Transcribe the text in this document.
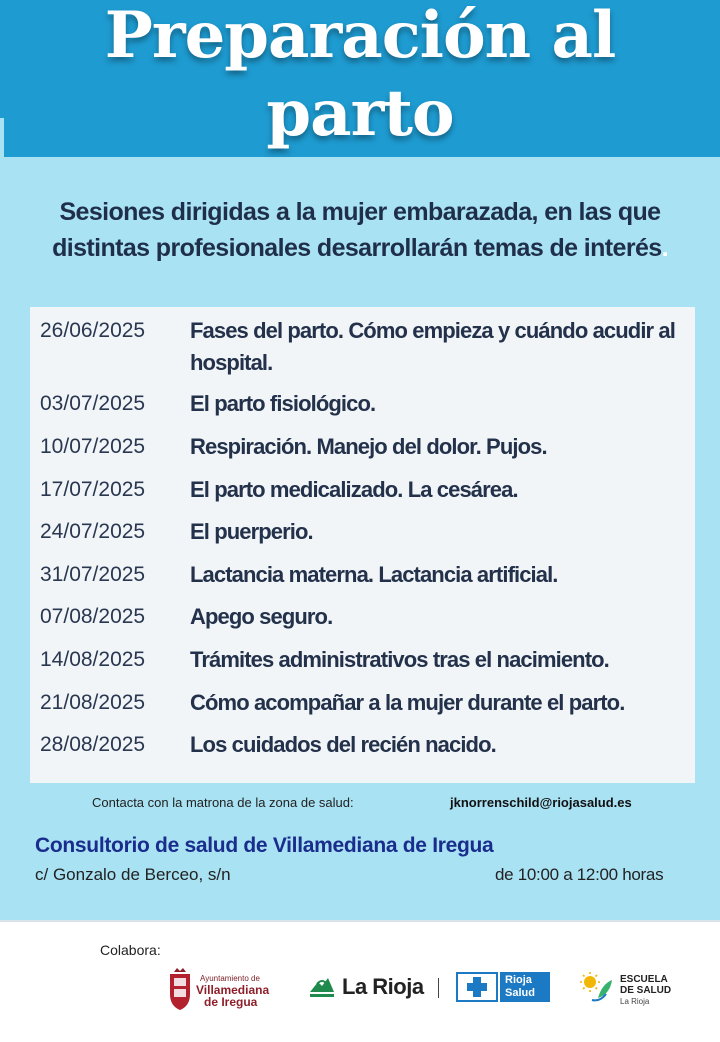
Preparación al
parto
Sesiones dirigidas a la mujer embarazada, en las que distintas profesionales desarrollarán temas de interés.
26/06/2025 Fases del parto. Cómo empieza y cuándo acudir al hospital.
03/07/2025 El parto fisiológico.
10/07/2025 Respiración. Manejo del dolor. Pujos.
17/07/2025 El parto medicalizado. La cesárea.
24/07/2025 El puerperio.
31/07/2025 Lactancia materna. Lactancia artificial.
07/08/2025 Apego seguro.
14/08/2025 Trámites administrativos tras el nacimiento.
21/08/2025 Cómo acompañar a la mujer durante el parto.
28/08/2025 Los cuidados del recién nacido.
Contacta con la matrona de la zona de salud:	jknorrenschild@riojasalud.es
Consultorio de salud de Villamediana de Iregua
c/ Gonzalo de Berceo, s/n	de 10:00 a 12:00 horas
Colabora:
Ayuntamiento de
Villamediana
de Iregua
La Rioja	Rioja
Salud
ESCUELA
DE SALUD
La Rioja
